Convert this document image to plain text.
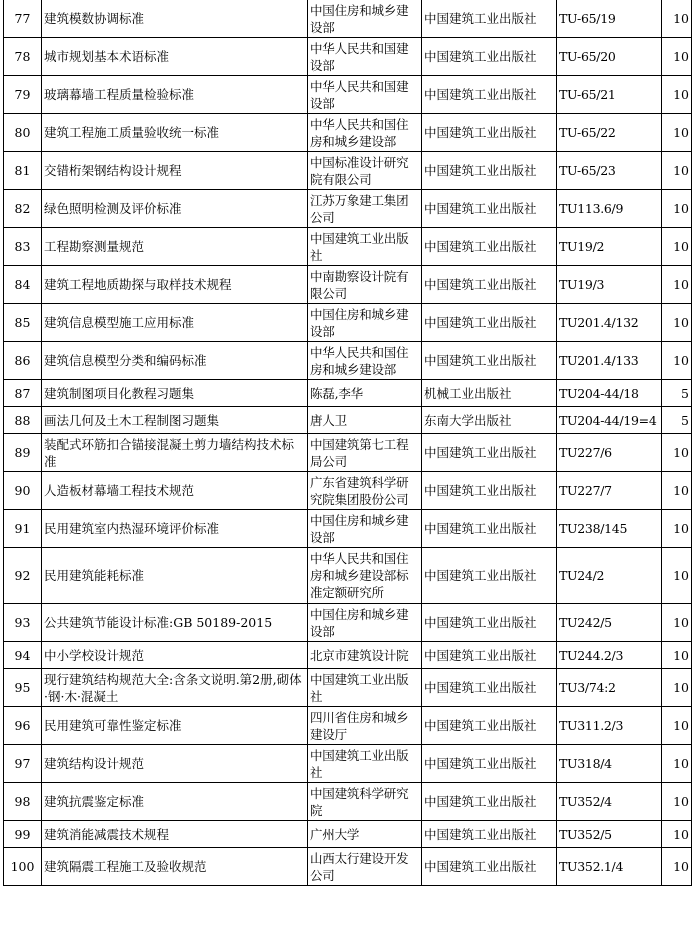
77	建筑模数协调标准	中国住房和城乡建设部	中国建筑工业出版社	TU-65/19	10
78	城市规划基本术语标准	中华人民共和国建设部	中国建筑工业出版社	TU-65/20	10
79	玻璃幕墙工程质量检验标准	中华人民共和国建设部	中国建筑工业出版社	TU-65/21	10
80	建筑工程施工质量验收统一标准	中华人民共和国住房和城乡建设部	中国建筑工业出版社	TU-65/22	10
81	交错桁架钢结构设计规程	中国标准设计研究院有限公司	中国建筑工业出版社	TU-65/23	10
82	绿色照明检测及评价标准	江苏万象建工集团公司	中国建筑工业出版社	TU113.6/9	10
83	工程勘察测量规范	中国建筑工业出版社	中国建筑工业出版社	TU19/2	10
84	建筑工程地质勘探与取样技术规程	中南勘察设计院有限公司	中国建筑工业出版社	TU19/3	10
85	建筑信息模型施工应用标准	中国住房和城乡建设部	中国建筑工业出版社	TU201.4/132	10
86	建筑信息模型分类和编码标准	中华人民共和国住房和城乡建设部	中国建筑工业出版社	TU201.4/133	10
87	建筑制图项目化教程习题集	陈磊,李华	机械工业出版社	TU204-44/18	5
88	画法几何及土木工程制图习题集	唐人卫	东南大学出版社	TU204-44/19=4	5
89	装配式环筋扣合锚接混凝土剪力墙结构技术标准	中国建筑第七工程局公司	中国建筑工业出版社	TU227/6	10
90	人造板材幕墙工程技术规范	广东省建筑科学研究院集团股份公司	中国建筑工业出版社	TU227/7	10
91	民用建筑室内热湿环境评价标准	中国住房和城乡建设部	中国建筑工业出版社	TU238/145	10
92	民用建筑能耗标准	中华人民共和国住房和城乡建设部标准定额研究所	中国建筑工业出版社	TU24/2	10
93	公共建筑节能设计标准:GB 50189-2015	中国住房和城乡建设部	中国建筑工业出版社	TU242/5	10
94	中小学校设计规范	北京市建筑设计院	中国建筑工业出版社	TU244.2/3	10
95	现行建筑结构规范大全:含条文说明.第2册,砌体·钢·木·混凝土	中国建筑工业出版社	中国建筑工业出版社	TU3/74:2	10
96	民用建筑可靠性鉴定标准	四川省住房和城乡建设厅	中国建筑工业出版社	TU311.2/3	10
97	建筑结构设计规范	中国建筑工业出版社	中国建筑工业出版社	TU318/4	10
98	建筑抗震鉴定标准	中国建筑科学研究院	中国建筑工业出版社	TU352/4	10
99	建筑消能减震技术规程	广州大学	中国建筑工业出版社	TU352/5	10
100	建筑隔震工程施工及验收规范	山西太行建设开发公司	中国建筑工业出版社	TU352.1/4	10
